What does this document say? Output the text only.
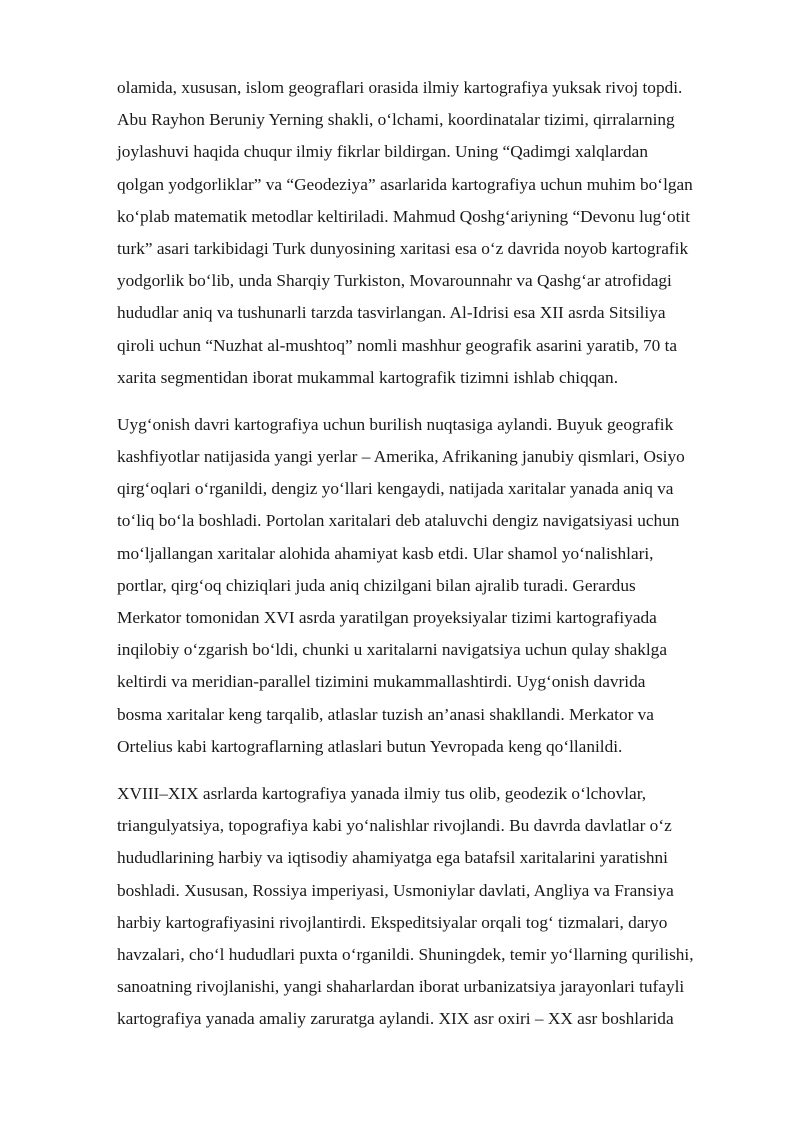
olamida, xususan, islom geograflari orasida ilmiy kartografiya yuksak rivoj topdi.
Abu Rayhon Beruniy Yerning shakli, o‘lchami, koordinatalar tizimi, qirralarning
joylashuvi haqida chuqur ilmiy fikrlar bildirgan. Uning “Qadimgi xalqlardan
qolgan yodgorliklar” va “Geodeziya” asarlarida kartografiya uchun muhim bo‘lgan
ko‘plab matematik metodlar keltiriladi. Mahmud Qoshg‘ariyning “Devonu lug‘otit
turk” asari tarkibidagi Turk dunyosining xaritasi esa o‘z davrida noyob kartografik
yodgorlik bo‘lib, unda Sharqiy Turkiston, Movarounnahr va Qashg‘ar atrofidagi
hududlar aniq va tushunarli tarzda tasvirlangan. Al-Idrisi esa XII asrda Sitsiliya
qiroli uchun “Nuzhat al-mushtoq” nomli mashhur geografik asarini yaratib, 70 ta
xarita segmentidan iborat mukammal kartografik tizimni ishlab chiqqan.

Uyg‘onish davri kartografiya uchun burilish nuqtasiga aylandi. Buyuk geografik
kashfiyotlar natijasida yangi yerlar – Amerika, Afrikaning janubiy qismlari, Osiyo
qirg‘oqlari o‘rganildi, dengiz yo‘llari kengaydi, natijada xaritalar yanada aniq va
to‘liq bo‘la boshladi. Portolan xaritalari deb ataluvchi dengiz navigatsiyasi uchun
mo‘ljallangan xaritalar alohida ahamiyat kasb etdi. Ular shamol yo‘nalishlari,
portlar, qirg‘oq chiziqlari juda aniq chizilgani bilan ajralib turadi. Gerardus
Merkator tomonidan XVI asrda yaratilgan proyeksiyalar tizimi kartografiyada
inqilobiy o‘zgarish bo‘ldi, chunki u xaritalarni navigatsiya uchun qulay shaklga
keltirdi va meridian-parallel tizimini mukammallashtirdi. Uyg‘onish davrida
bosma xaritalar keng tarqalib, atlaslar tuzish an’anasi shakllandi. Merkator va
Ortelius kabi kartograflarning atlaslari butun Yevropada keng qo‘llanildi.

XVIII–XIX asrlarda kartografiya yanada ilmiy tus olib, geodezik o‘lchovlar,
triangulyatsiya, topografiya kabi yo‘nalishlar rivojlandi. Bu davrda davlatlar o‘z
hududlarining harbiy va iqtisodiy ahamiyatga ega batafsil xaritalarini yaratishni
boshladi. Xususan, Rossiya imperiyasi, Usmoniylar davlati, Angliya va Fransiya
harbiy kartografiyasini rivojlantirdi. Ekspeditsiyalar orqali tog‘ tizmalari, daryo
havzalari, cho‘l hududlari puxta o‘rganildi. Shuningdek, temir yo‘llarning qurilishi,
sanoatning rivojlanishi, yangi shaharlardan iborat urbanizatsiya jarayonlari tufayli
kartografiya yanada amaliy zaruratga aylandi. XIX asr oxiri – XX asr boshlarida
